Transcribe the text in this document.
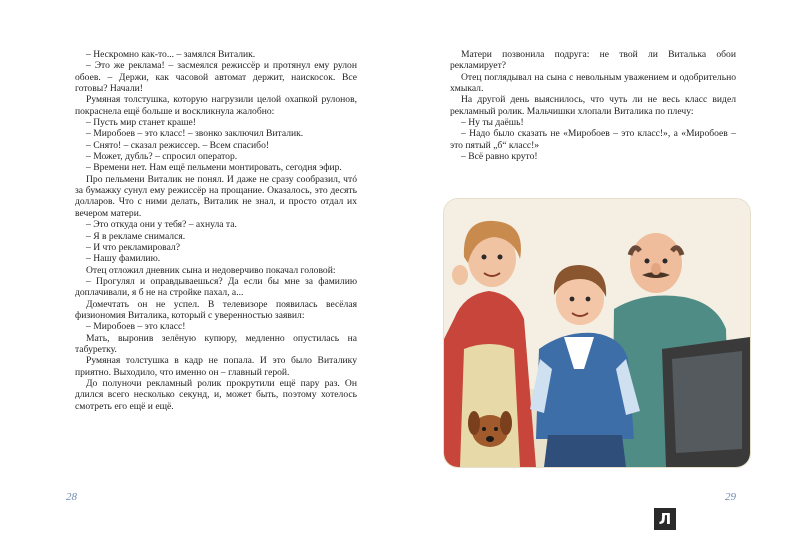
– Нескромно как-то... – замялся Виталик.

– Это же реклама! – засмеялся режиссёр и протянул ему рулон обоев. – Держи, как часовой автомат держит, наискосок. Все готовы? Начали!

Румяная толстушка, которую нагрузили целой охапкой рулонов, покраснела ещё больше и воскликнула жалобно:

– Пусть мир станет краше!

– Миробоев – это класс! – звонко заключил Виталик.

– Снято! – сказал режиссер. – Всем спасибо!

– Может, дубль? – спросил оператор.

– Времени нет. Нам ещё пельмени монтировать, сегодня эфир.

Про пельмени Виталик не понял. И даже не сразу сообразил, чтó за бумажку сунул ему режиссёр на прощание. Оказалось, это десять долларов. Что с ними делать, Виталик не знал, и просто отдал их вечером матери.

– Это откуда они у тебя? – ахнула та.

– Я в рекламе снимался.

– И что рекламировал?

– Нашу фамилию.

Отец отложил дневник сына и недоверчиво покачал головой:

– Прогулял и оправдываешься? Да если бы мне за фамилию доплачивали, я б не на стройке пахал, а...

Домечтать он не успел. В телевизоре появилась весёлая физиономия Виталика, который с уверенностью заявил:

– Миробоев – это класс!

Мать, выронив зелёную купюру, медленно опустилась на табуретку.

Румяная толстушка в кадр не попала. И это было Виталику приятно. Выходило, что именно он – главный герой.

До полуночи рекламный ролик прокрутили ещё пару раз. Он длился всего несколько секунд, и, может быть, поэтому хотелось смотреть его ещё и ещё.

28

Матери позвонила подруга: не твой ли Виталька обои рекламирует?

Отец поглядывал на сына с невольным уважением и одобрительно хмыкал.

На другой день выяснилось, что чуть ли не весь класс видел рекламный ролик. Мальчишки хлопали Виталика по плечу:

– Ну ты даёшь!

– Надо было сказать не «Миробоев – это класс!», а «Миробоев – это пятый „б“ класс!»

– Всё равно круто!

29
Л
